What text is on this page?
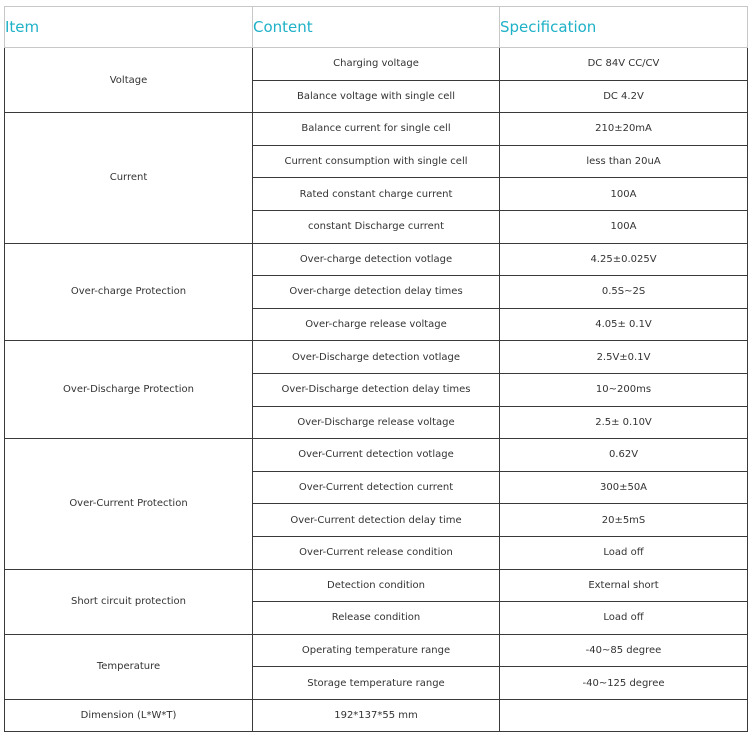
Item	Content	Specification
Voltage	Charging voltage	DC 84V CC/CV
	Balance voltage with single cell	DC 4.2V
Current	Balance current for single cell	210±20mA
	Current consumption with single cell	less than 20uA
	Rated constant charge current	100A
	constant Discharge current	100A
Over-charge Protection	Over-charge detection votlage	4.25±0.025V
	Over-charge detection delay times	0.5S~2S
	Over-charge release voltage	4.05± 0.1V
Over-Discharge Protection	Over-Discharge detection votlage	2.5V±0.1V
	Over-Discharge detection delay times	10~200ms
	Over-Discharge release voltage	2.5± 0.10V
Over-Current Protection	Over-Current detection votlage	0.62V
	Over-Current detection current	300±50A
	Over-Current detection delay time	20±5mS
	Over-Current release condition	Load off
Short circuit protection	Detection condition	External short
	Release condition	Load off
Temperature	Operating temperature range	-40~85 degree
	Storage temperature range	-40~125 degree
Dimension (L*W*T)	192*137*55 mm	
